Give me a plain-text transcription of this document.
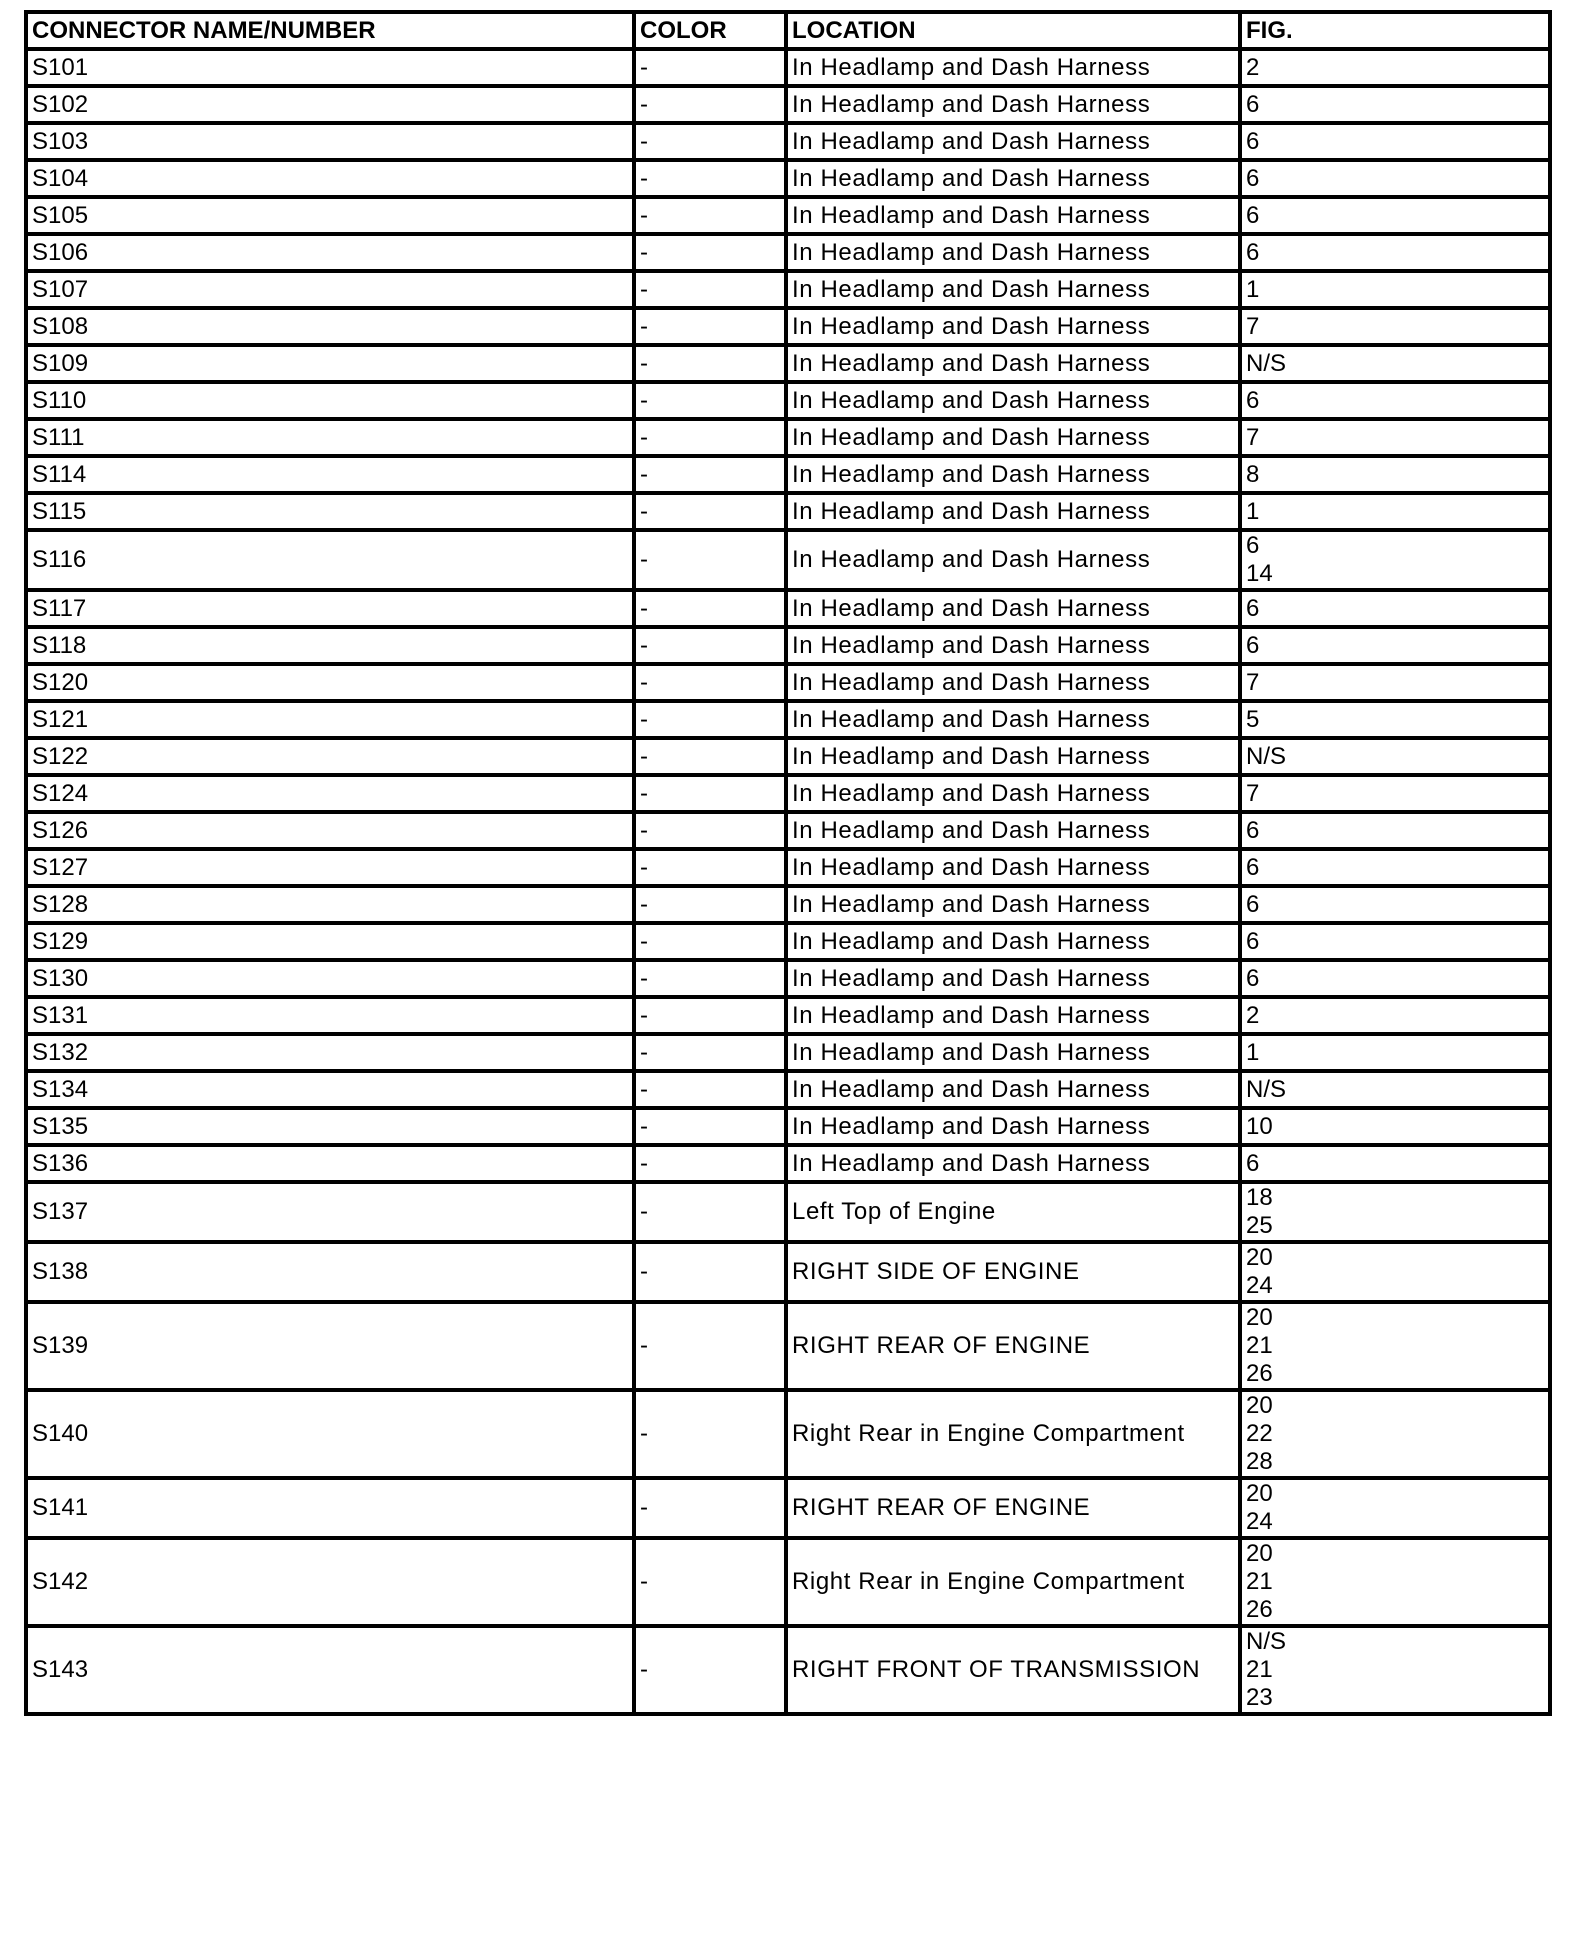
CONNECTOR NAME/NUMBER	COLOR	LOCATION	FIG.
S101	-	In Headlamp and Dash Harness	2

S102	-	In Headlamp and Dash Harness	6

S103	-	In Headlamp and Dash Harness	6

S104	-	In Headlamp and Dash Harness	6

S105	-	In Headlamp and Dash Harness	6

S106	-	In Headlamp and Dash Harness	6

S107	-	In Headlamp and Dash Harness	1

S108	-	In Headlamp and Dash Harness	7

S109	-	In Headlamp and Dash Harness	N/S

S110	-	In Headlamp and Dash Harness	6

S111	-	In Headlamp and Dash Harness	7

S114	-	In Headlamp and Dash Harness	8

S115	-	In Headlamp and Dash Harness	1

S116	-	In Headlamp and Dash Harness	6
14

S117	-	In Headlamp and Dash Harness	6

S118	-	In Headlamp and Dash Harness	6

S120	-	In Headlamp and Dash Harness	7

S121	-	In Headlamp and Dash Harness	5

S122	-	In Headlamp and Dash Harness	N/S

S124	-	In Headlamp and Dash Harness	7

S126	-	In Headlamp and Dash Harness	6

S127	-	In Headlamp and Dash Harness	6

S128	-	In Headlamp and Dash Harness	6

S129	-	In Headlamp and Dash Harness	6

S130	-	In Headlamp and Dash Harness	6

S131	-	In Headlamp and Dash Harness	2

S132	-	In Headlamp and Dash Harness	1

S134	-	In Headlamp and Dash Harness	N/S

S135	-	In Headlamp and Dash Harness	10

S136	-	In Headlamp and Dash Harness	6

S137	-	Left Top of Engine	18
25

S138	-	RIGHT SIDE OF ENGINE	20
24

S139	-	RIGHT REAR OF ENGINE	20
21
26

S140	-	Right Rear in Engine Compartment	20
22
28

S141	-	RIGHT REAR OF ENGINE	20
24

S142	-	Right Rear in Engine Compartment	20
21
26

S143	-	RIGHT FRONT OF TRANSMISSION	N/S
21
23
